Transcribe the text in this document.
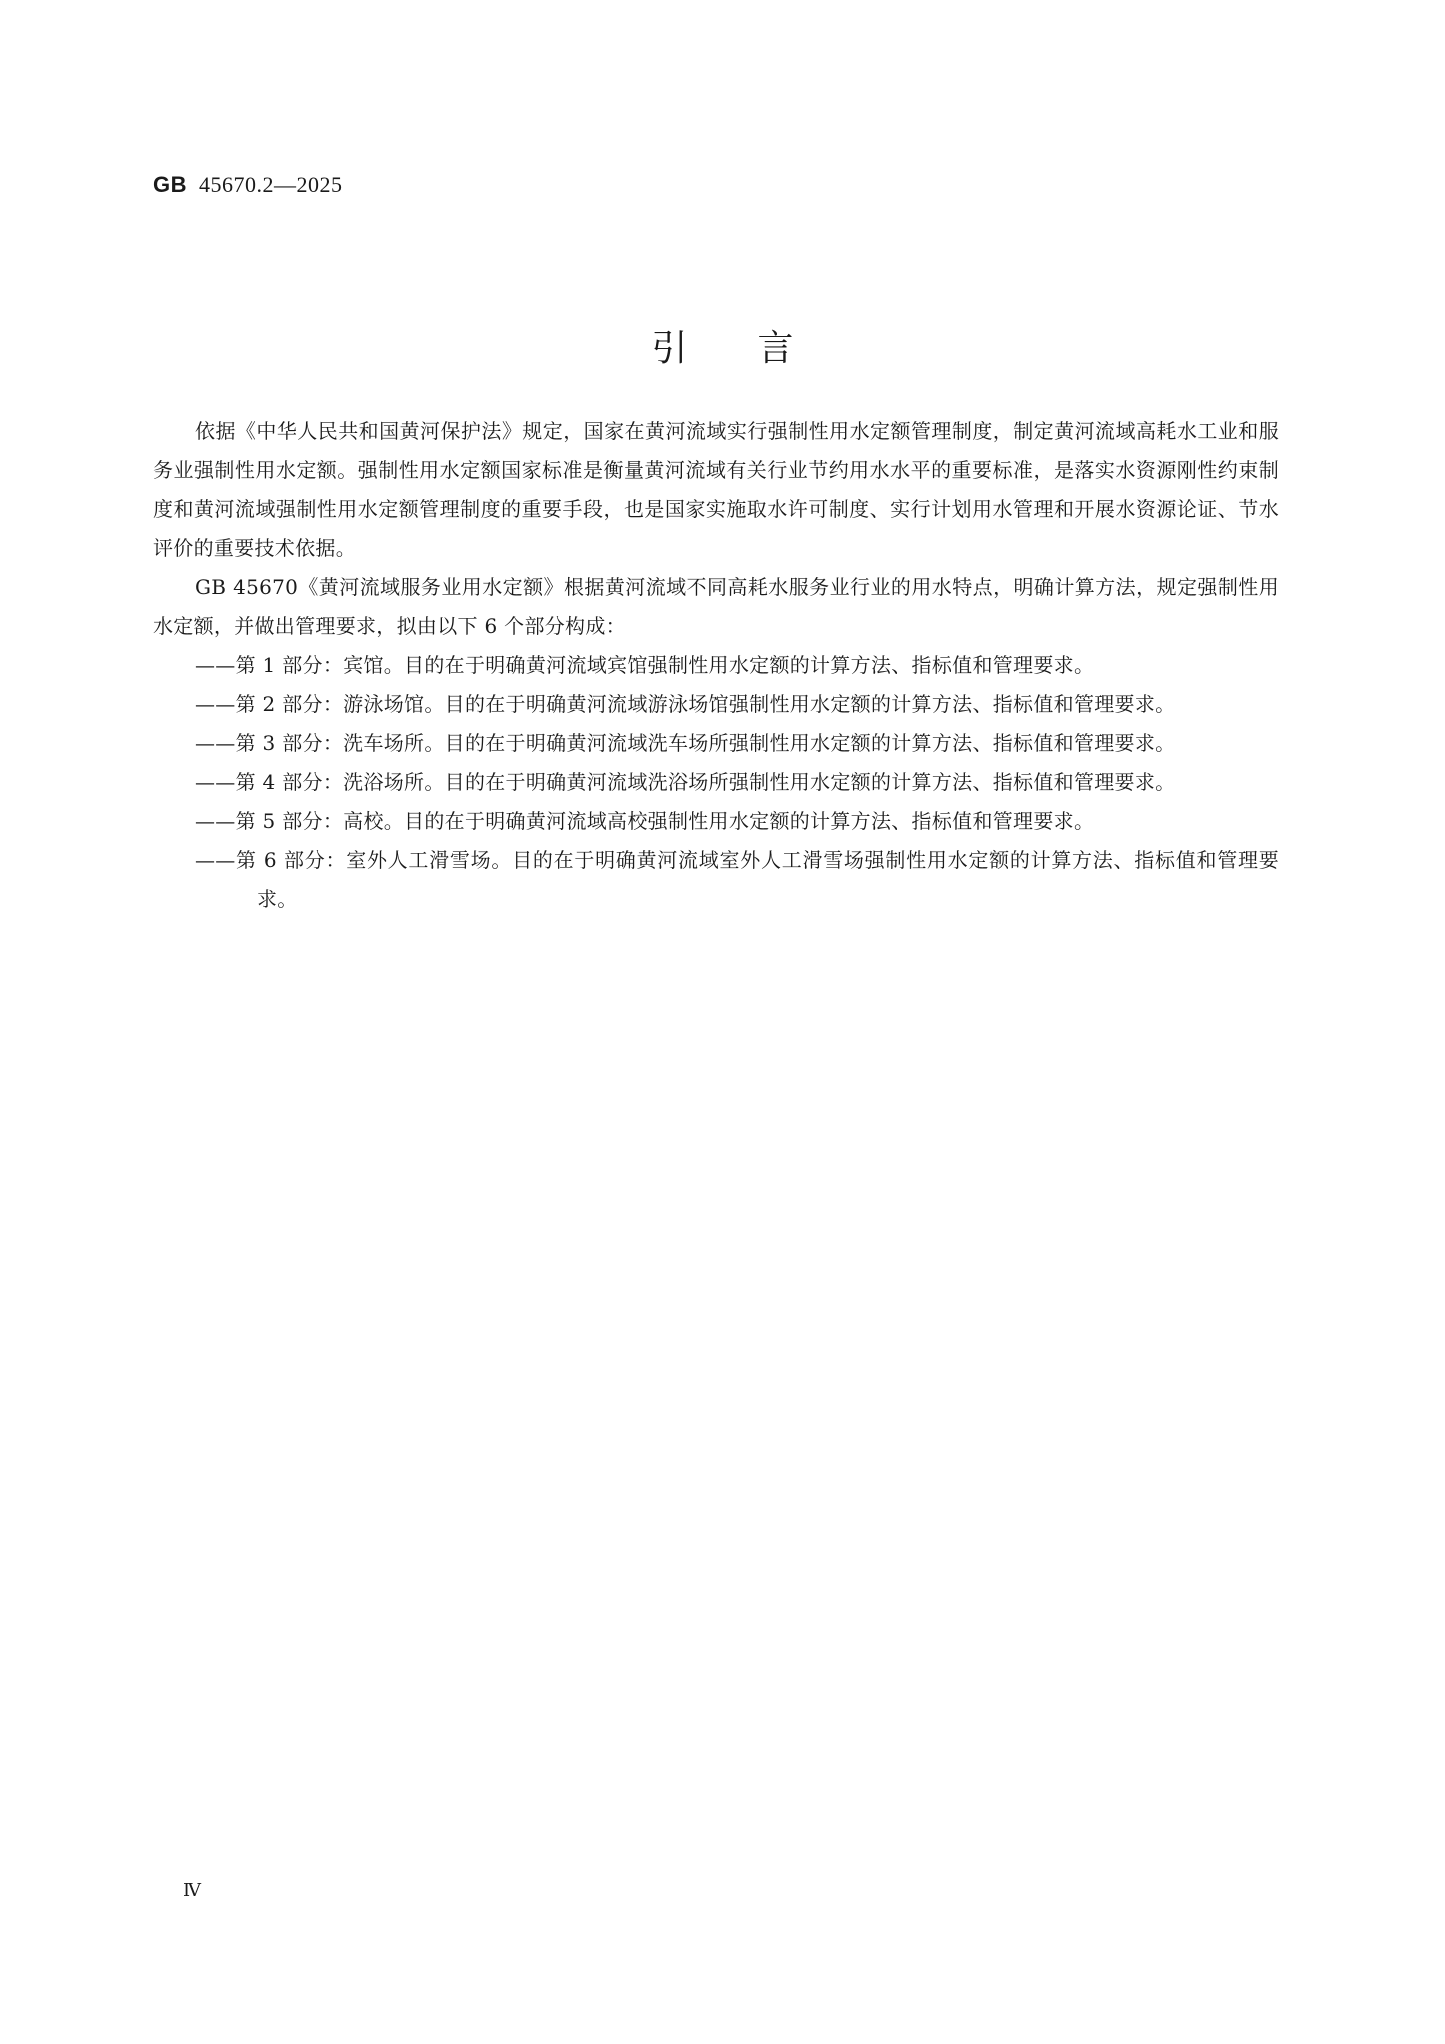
GB 45670.2—2025
引言

依据《中华人民共和国黄河保护法》规定，国家在黄河流域实行强制性用水定额管理制度，制定黄河流域高耗水工业和服务业强制性用水定额。强制性用水定额国家标准是衡量黄河流域有关行业节约用水水平的重要标准，是落实水资源刚性约束制度和黄河流域强制性用水定额管理制度的重要手段，也是国家实施取水许可制度、实行计划用水管理和开展水资源论证、节水评价的重要技术依据。

GB 45670《黄河流域服务业用水定额》根据黄河流域不同高耗水服务业行业的用水特点，明确计算方法，规定强制性用水定额，并做出管理要求，拟由以下 6 个部分构成：

——第 1 部分：宾馆。目的在于明确黄河流域宾馆强制性用水定额的计算方法、指标值和管理要求。
——第 2 部分：游泳场馆。目的在于明确黄河流域游泳场馆强制性用水定额的计算方法、指标值和管理要求。
——第 3 部分：洗车场所。目的在于明确黄河流域洗车场所强制性用水定额的计算方法、指标值和管理要求。
——第 4 部分：洗浴场所。目的在于明确黄河流域洗浴场所强制性用水定额的计算方法、指标值和管理要求。
——第 5 部分：高校。目的在于明确黄河流域高校强制性用水定额的计算方法、指标值和管理要求。
——第 6 部分：室外人工滑雪场。目的在于明确黄河流域室外人工滑雪场强制性用水定额的计算方法、指标值和管理要求。
Ⅳ
